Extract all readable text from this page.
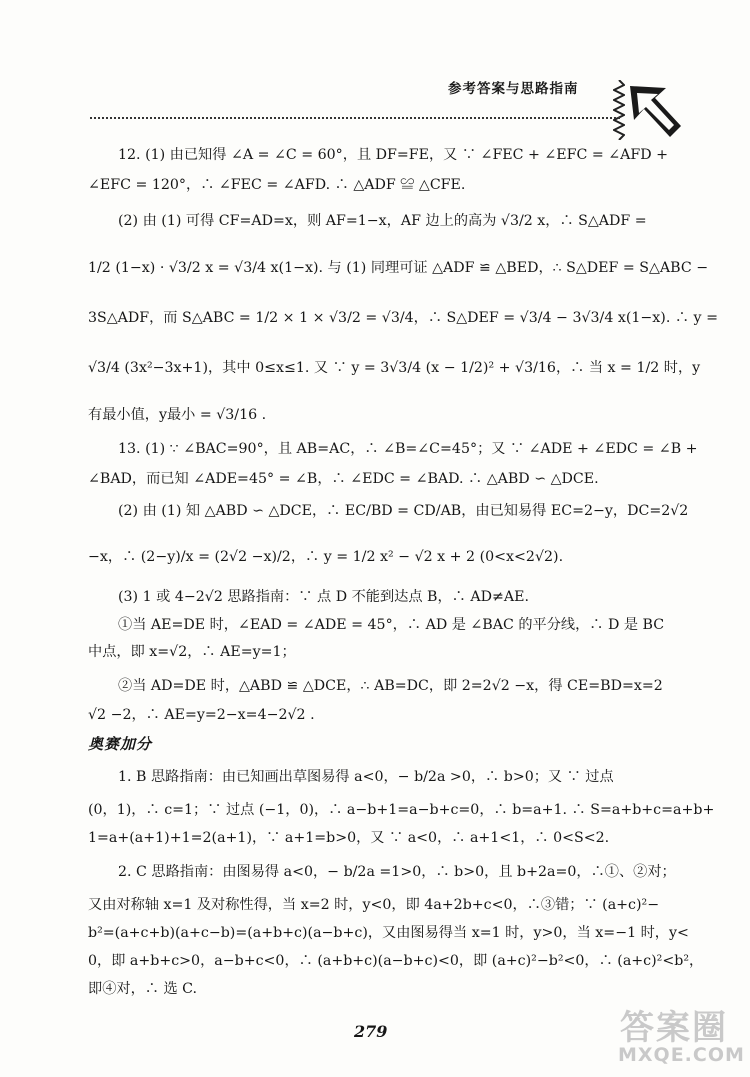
参考答案与思路指南
12. (1) 由已知得 ∠A = ∠C = 60°，且 DF=FE，又 ∵ ∠FEC + ∠EFC = ∠AFD +
∠EFC = 120°，∴ ∠FEC = ∠AFD. ∴ △ADF ≌ △CFE.
(2) 由 (1) 可得 CF=AD=x，则 AF=1−x，AF 边上的高为 √3/2 x，∴ S△ADF =
1/2 (1−x) · √3/2 x = √3/4 x(1−x). 与 (1) 同理可证 △ADF ≌ △BED，∴ S△DEF = S△ABC −
3S△ADF，而 S△ABC = 1/2 × 1 × √3/2 = √3/4，∴ S△DEF = √3/4 − 3√3/4 x(1−x). ∴ y =
√3/4 (3x²−3x+1)，其中 0≤x≤1. 又 ∵ y = 3√3/4 (x − 1/2)² + √3/16，∴ 当 x = 1/2 时，y
有最小值，y最小 = √3/16 .
13. (1) ∵ ∠BAC=90°，且 AB=AC，∴ ∠B=∠C=45°；又 ∵ ∠ADE + ∠EDC = ∠B +
∠BAD，而已知 ∠ADE=45° = ∠B，∴ ∠EDC = ∠BAD. ∴ △ABD ∽ △DCE.
(2) 由 (1) 知 △ABD ∽ △DCE，∴ EC/BD = CD/AB，由已知易得 EC=2−y，DC=2√2
−x，∴ (2−y)/x = (2√2 −x)/2，∴ y = 1/2 x² − √2 x + 2 (0<x<2√2).
(3) 1 或 4−2√2 思路指南：∵ 点 D 不能到达点 B，∴ AD≠AE.
①当 AE=DE 时，∠EAD = ∠ADE = 45°，∴ AD 是 ∠BAC 的平分线，∴ D 是 BC
中点，即 x=√2，∴ AE=y=1；
②当 AD=DE 时，△ABD ≌ △DCE，∴ AB=DC，即 2=2√2 −x，得 CE=BD=x=2
√2 −2，∴ AE=y=2−x=4−2√2 .
奥赛加分
1. B 思路指南：由已知画出草图易得 a<0，− b/2a >0，∴ b>0；又 ∵ 过点
(0，1)，∴ c=1；∵ 过点 (−1，0)，∴ a−b+1=a−b+c=0，∴ b=a+1. ∴ S=a+b+c=a+b+
1=a+(a+1)+1=2(a+1)，∵ a+1=b>0，又 ∵ a<0，∴ a+1<1，∴ 0<S<2.
2. C 思路指南：由图易得 a<0，− b/2a =1>0，∴ b>0，且 b+2a=0，∴①、②对；
又由对称轴 x=1 及对称性得，当 x=2 时，y<0，即 4a+2b+c<0，∴③错；∵ (a+c)²−
b²=(a+c+b)(a+c−b)=(a+b+c)(a−b+c)，又由图易得当 x=1 时，y>0，当 x=−1 时，y<
0，即 a+b+c>0，a−b+c<0，∴ (a+b+c)(a−b+c)<0，即 (a+c)²−b²<0，∴ (a+c)²<b²，
即④对，∴ 选 C.
279	答案圈
MXQE.COM
